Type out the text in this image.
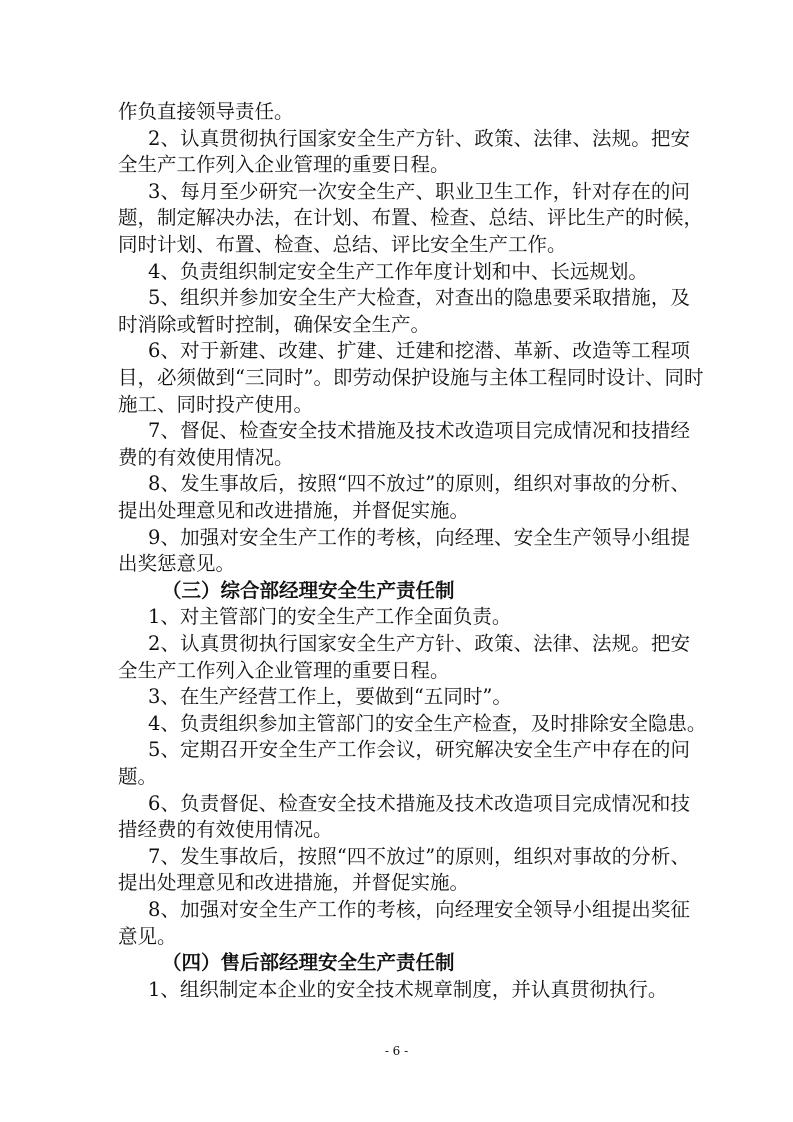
作负直接领导责任。
2、认真贯彻执行国家安全生产方针、政策、法律、法规。把安
全生产工作列入企业管理的重要日程。
3、每月至少研究一次安全生产、职业卫生工作，针对存在的问
题，制定解决办法，在计划、布置、检查、总结、评比生产的时候，
同时计划、布置、检查、总结、评比安全生产工作。
4、负责组织制定安全生产工作年度计划和中、长远规划。
5、组织并参加安全生产大检查，对查出的隐患要采取措施，及
时消除或暂时控制，确保安全生产。
6、对于新建、改建、扩建、迁建和挖潜、革新、改造等工程项
目，必须做到“三同时”。即劳动保护设施与主体工程同时设计、同时
施工、同时投产使用。
7、督促、检查安全技术措施及技术改造项目完成情况和技措经
费的有效使用情况。
8、发生事故后，按照“四不放过”的原则，组织对事故的分析、
提出处理意见和改进措施，并督促实施。
9、加强对安全生产工作的考核，向经理、安全生产领导小组提
出奖惩意见。
（三）综合部经理安全生产责任制
1、对主管部门的安全生产工作全面负责。
2、认真贯彻执行国家安全生产方针、政策、法律、法规。把安
全生产工作列入企业管理的重要日程。
3、在生产经营工作上，要做到“五同时”。
4、负责组织参加主管部门的安全生产检查，及时排除安全隐患。
5、定期召开安全生产工作会议，研究解决安全生产中存在的问
题。
6、负责督促、检查安全技术措施及技术改造项目完成情况和技
措经费的有效使用情况。
7、发生事故后，按照“四不放过”的原则，组织对事故的分析、
提出处理意见和改进措施，并督促实施。
8、加强对安全生产工作的考核，向经理安全领导小组提出奖征
意见。
（四）售后部经理安全生产责任制
1、组织制定本企业的安全技术规章制度，并认真贯彻执行。
- 6 -
